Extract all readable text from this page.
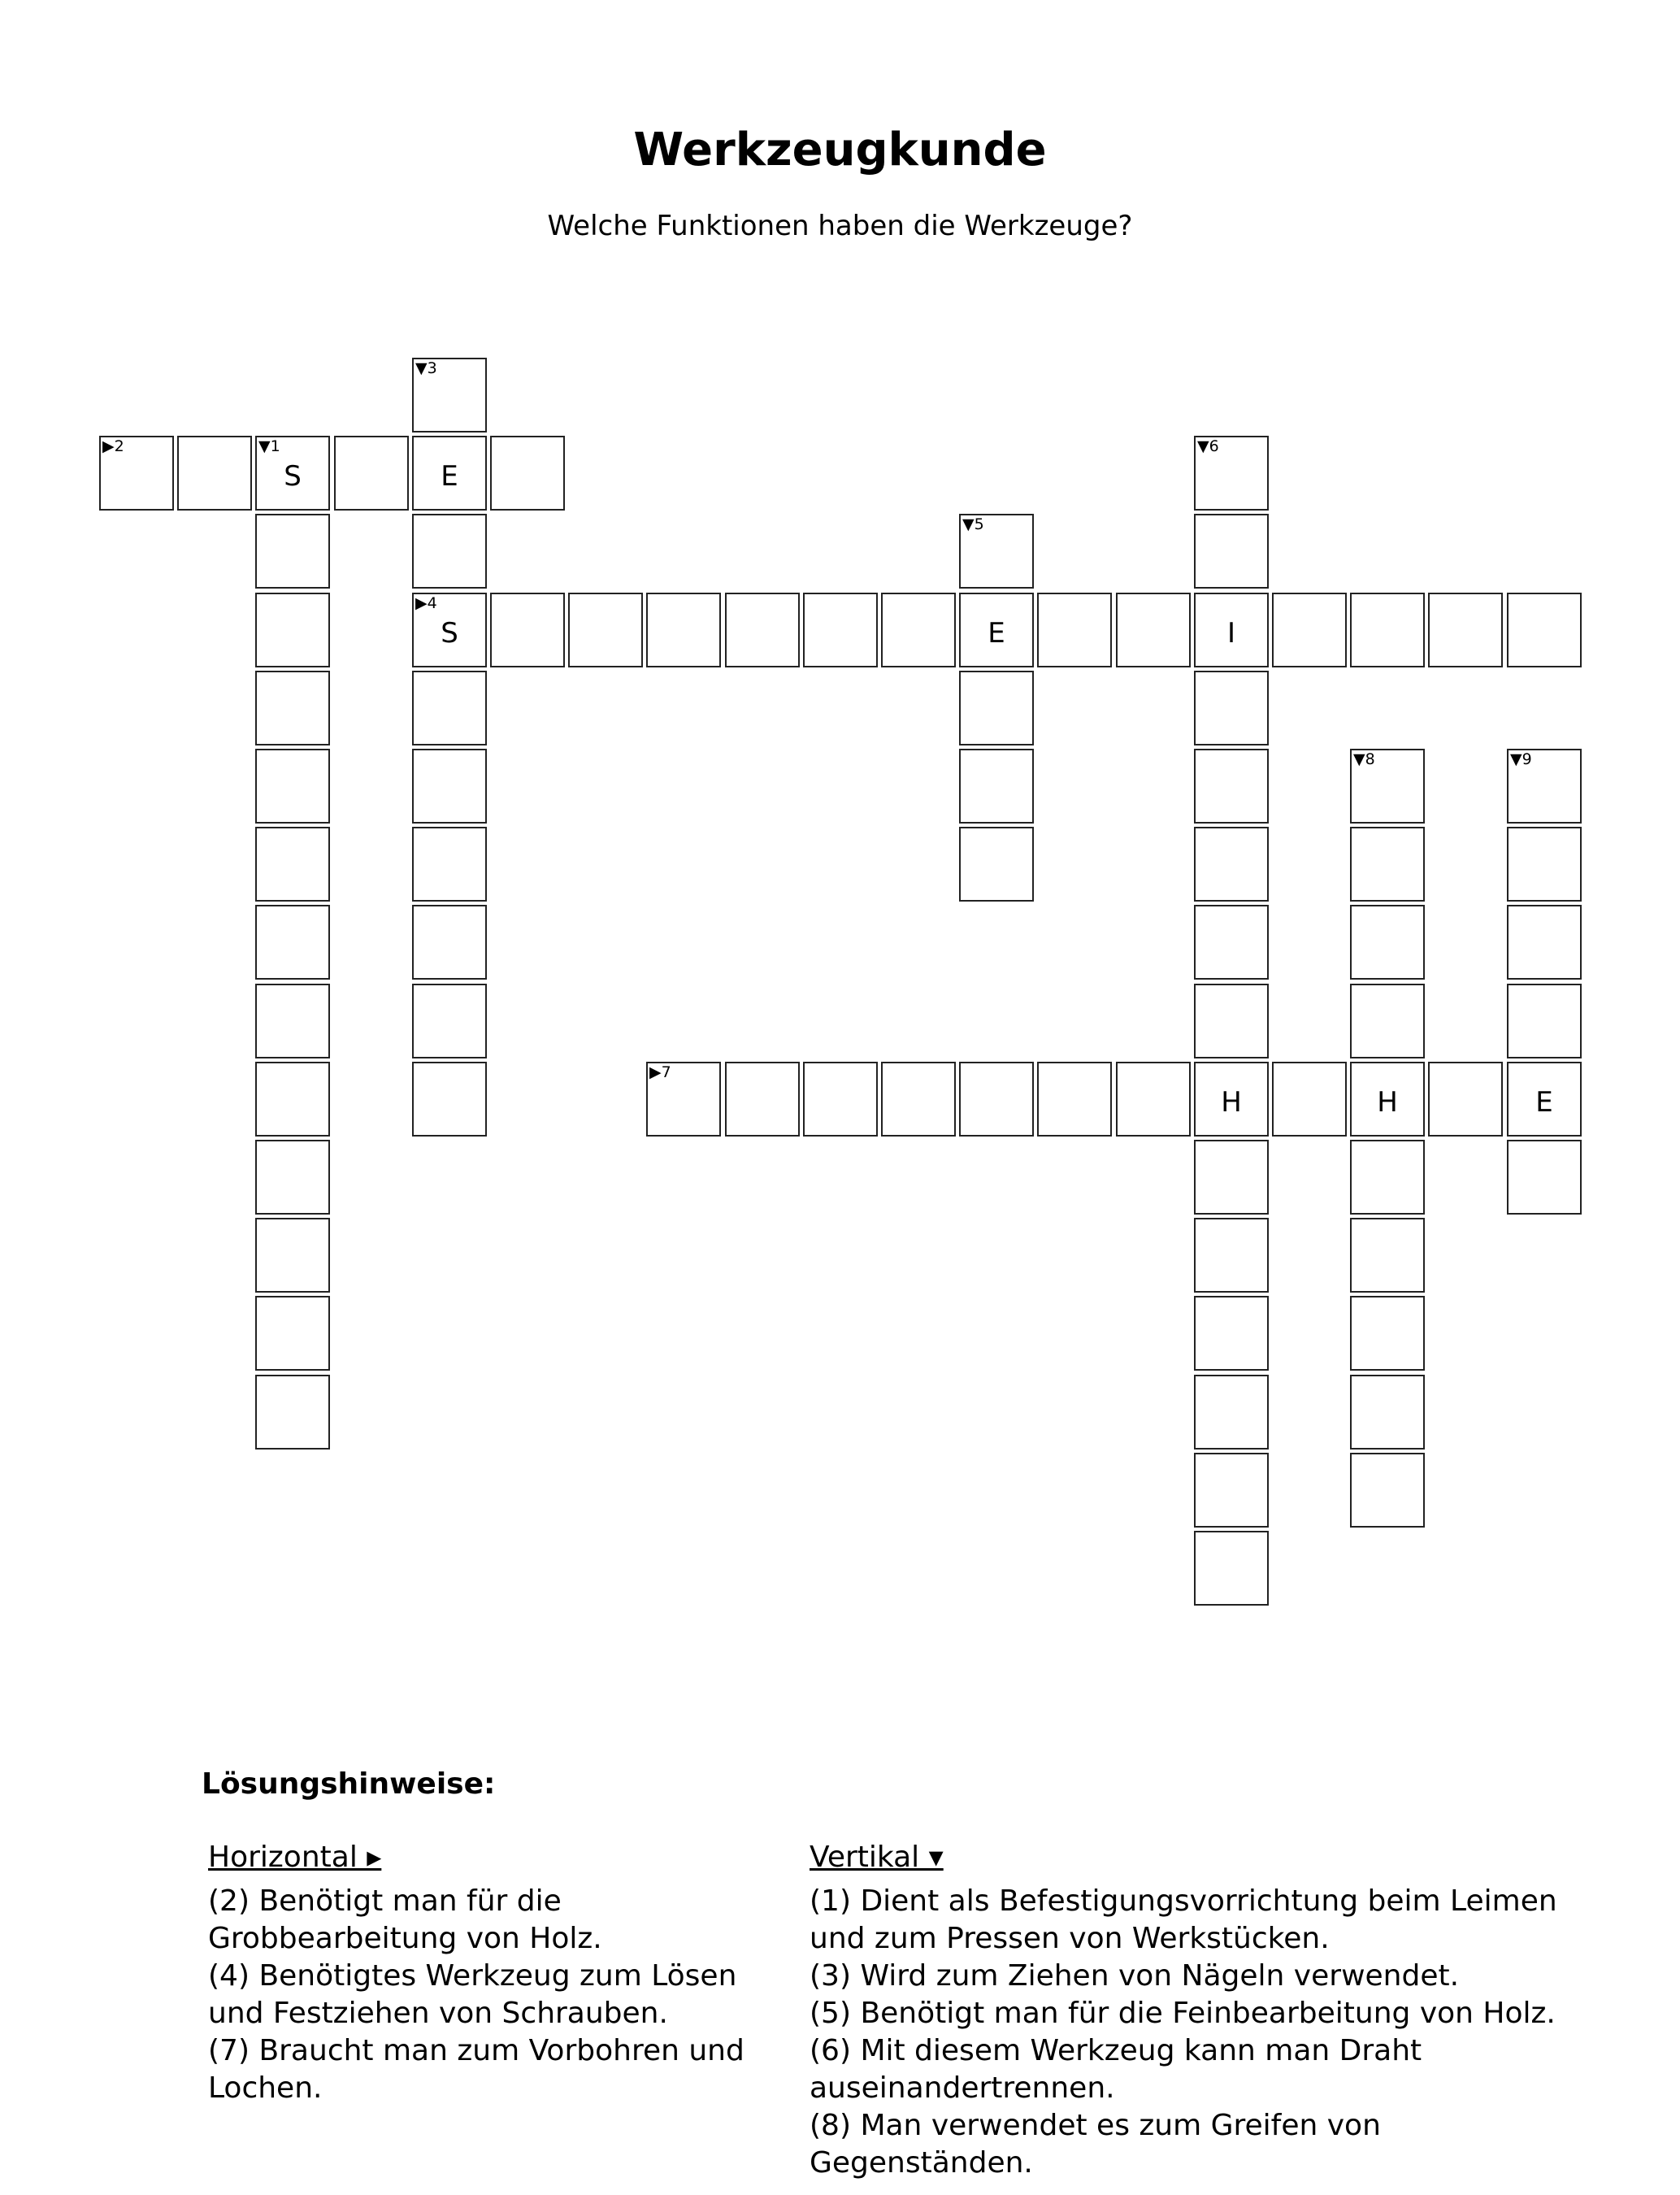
Werkzeugkunde
Welche Funktionen haben die Werkzeuge?
▼3
▶2	▼1
S	E
▼6
▼5
▶4
S	E	I
▼8	▼9
▶7
H	H	E
Lösungshinweise:
Horizontal ▸
(2) Benötigt man für die Grobbearbeitung von Holz.
(4) Benötigtes Werkzeug zum Lösen und Festziehen von Schrauben.
(7) Braucht man zum Vorbohren und Lochen.
Vertikal ▾
(1) Dient als Befestigungsvorrichtung beim Leimen und zum Pressen von Werkstücken.
(3) Wird zum Ziehen von Nägeln verwendet.
(5) Benötigt man für die Feinbearbeitung von Holz.
(6) Mit diesem Werkzeug kann man Draht auseinandertrennen.
(8) Man verwendet es zum Greifen von Gegenständen.
